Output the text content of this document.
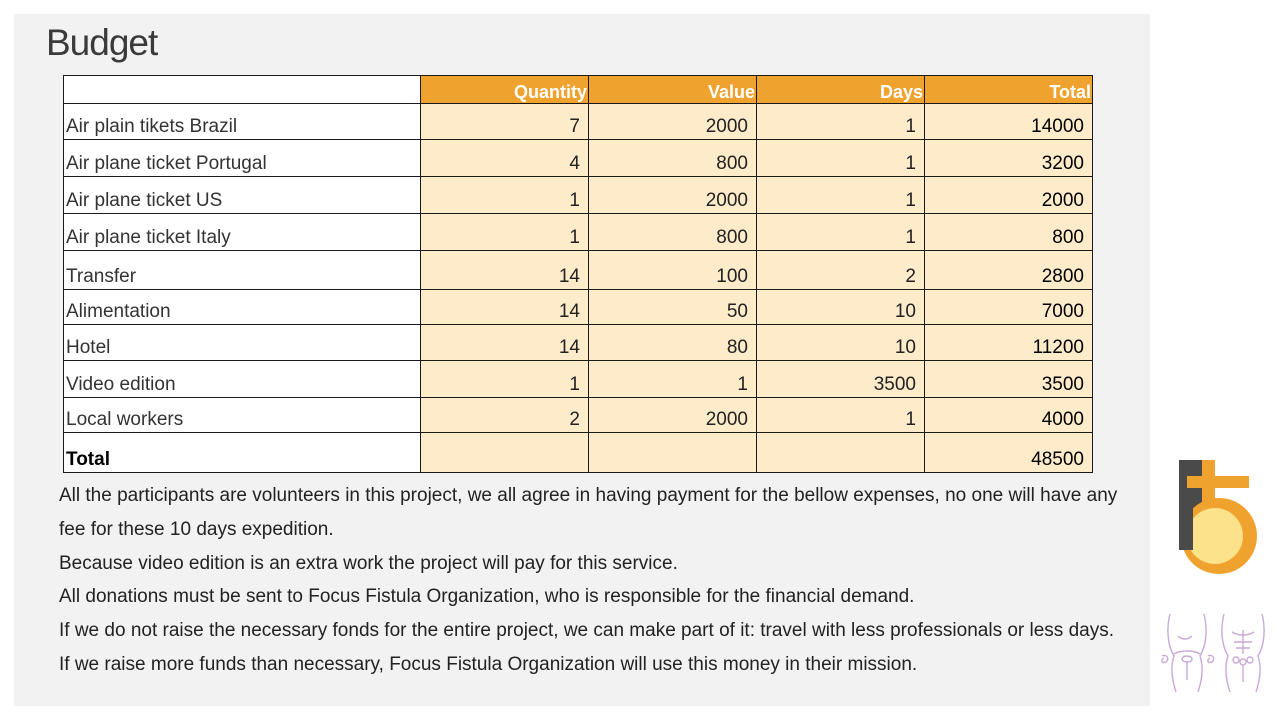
Budget
	Quantity	Value	Days	Total
Air plain tikets Brazil	7	2000	1	14000
Air plane ticket Portugal	4	800	1	3200
Air plane ticket US	1	2000	1	2000
Air plane ticket Italy	1	800	1	800
Transfer	14	100	2	2800
Alimentation	14	50	10	7000
Hotel	14	80	10	11200
Video edition	1	1	3500	3500
Local workers	2	2000	1	4000
Total				48500

All the participants are volunteers in this project, we all agree in having payment for the bellow expenses, no one will have any fee for these 10 days expedition.

Because video edition is an extra work the project will pay for this service.

All donations must be sent to Focus Fistula Organization, who is responsible for the financial demand.

If we do not raise the necessary fonds for the entire project, we can make part of it: travel with less professionals or less days.

If we raise more funds than necessary, Focus Fistula Organization will use this money in their mission.
